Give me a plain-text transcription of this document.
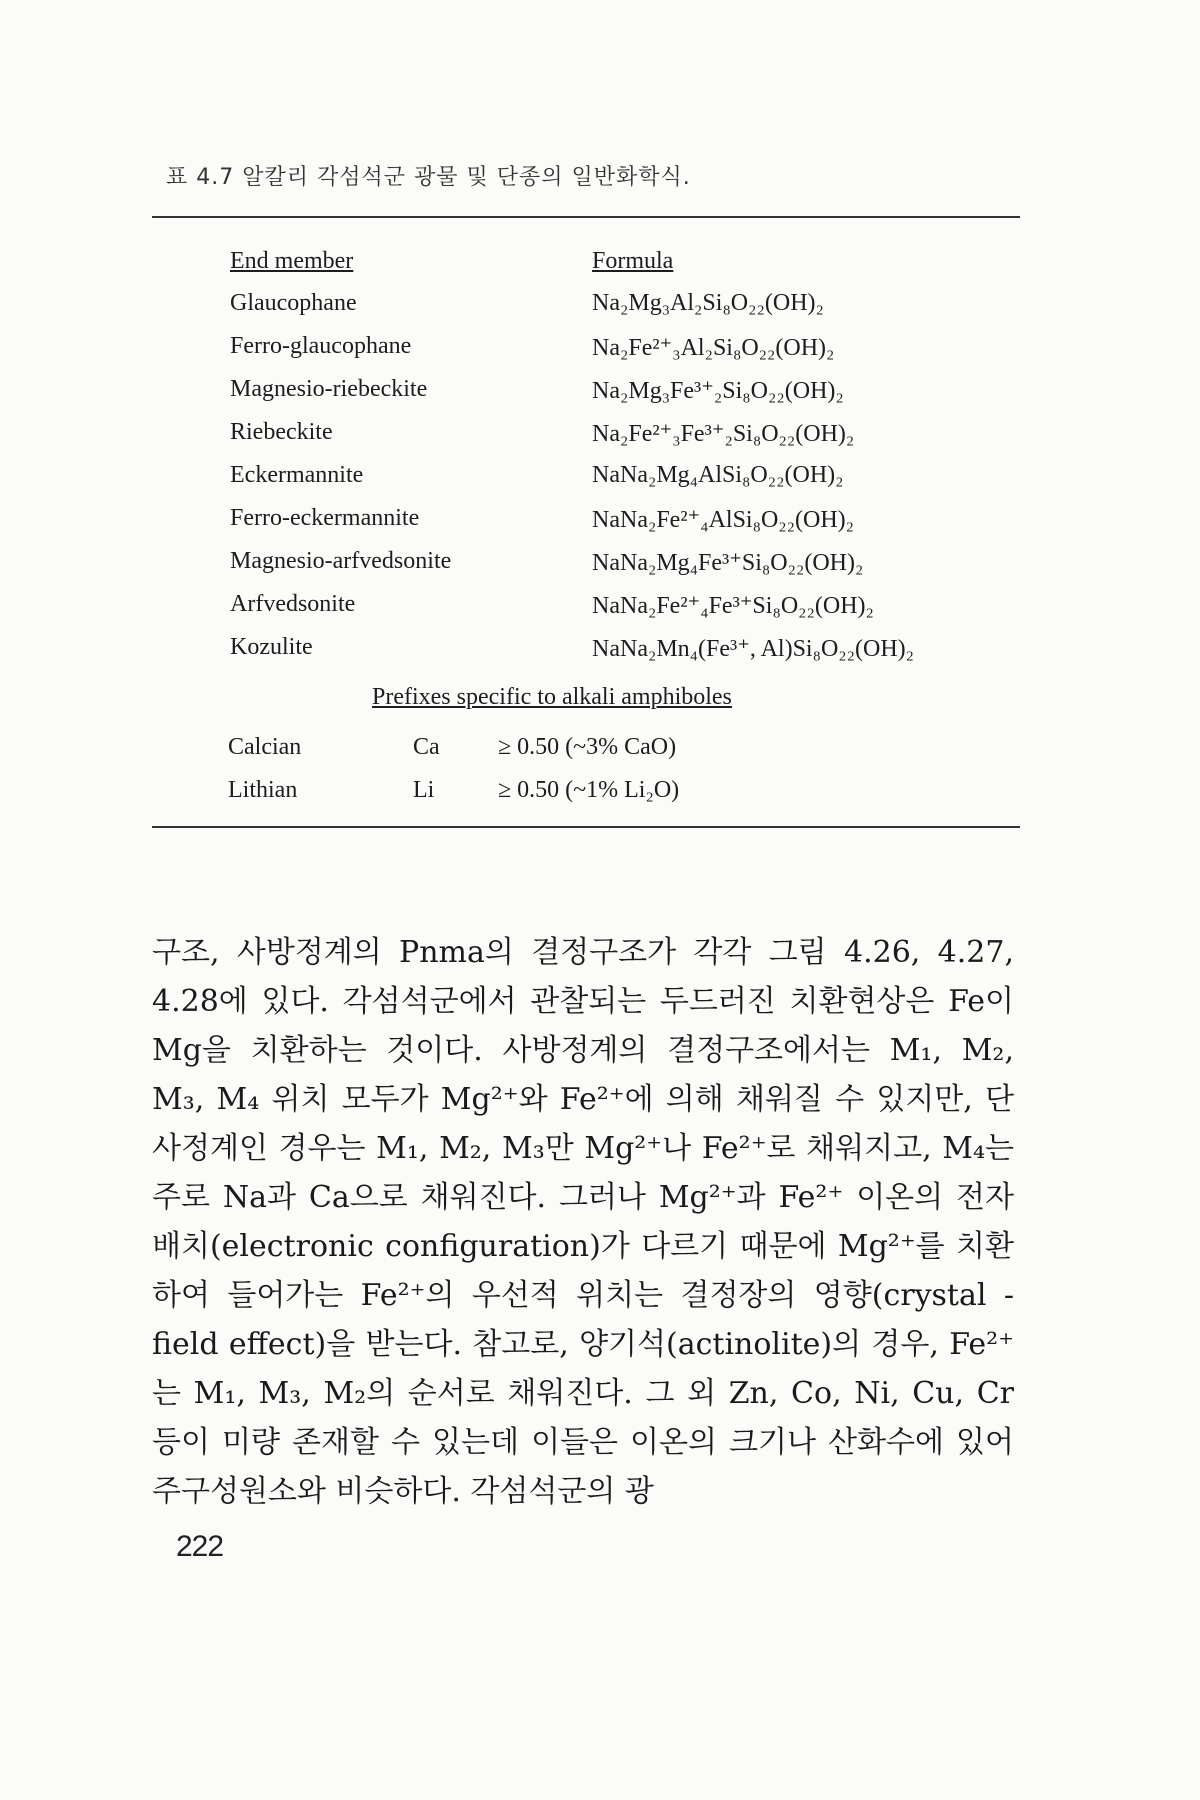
표 4.7 알칼리 각섬석군 광물 및 단종의 일반화학식.
End member	Formula
Glaucophane	Na₂Mg₃Al₂Si₈O₂₂(OH)₂
Ferro-glaucophane	Na₂Fe²⁺₃Al₂Si₈O₂₂(OH)₂
Magnesio-riebeckite	Na₂Mg₃Fe³⁺₂Si₈O₂₂(OH)₂
Riebeckite	Na₂Fe²⁺₃Fe³⁺₂Si₈O₂₂(OH)₂
Eckermannite	NaNa₂Mg₄AlSi₈O₂₂(OH)₂
Ferro-eckermannite	NaNa₂Fe²⁺₄AlSi₈O₂₂(OH)₂
Magnesio-arfvedsonite	NaNa₂Mg₄Fe³⁺Si₈O₂₂(OH)₂
Arfvedsonite	NaNa₂Fe²⁺₄Fe³⁺Si₈O₂₂(OH)₂
Kozulite	NaNa₂Mn₄(Fe³⁺, Al)Si₈O₂₂(OH)₂
Prefixes specific to alkali amphiboles
Calcian	Ca ≥ 0.50 (~3% CaO)
Lithian	Li	≥ 0.50 (~1% Li₂O)
구조, 사방정계의 Pnma의 결정구조가 각각 그림 4.26, 4.27, 4.28에 있다. 각섬석군에서 관찰되는 두드러진 치환현상은 Fe이 Mg을 치환하는 것이다. 사방정계의 결정구조에서는 M₁, M₂, M₃, M₄ 위치 모두가 Mg²⁺와 Fe²⁺에 의해 채워질 수 있지만, 단사정계인 경우는 M₁, M₂, M₃만 Mg²⁺나 Fe²⁺로 채워지고, M₄는 주로 Na과 Ca으로 채워진다. 그러나 Mg²⁺과 Fe²⁺ 이온의 전자배치(electronic configuration)가 다르기 때문에 Mg²⁺를 치환하여 들어가는 Fe²⁺의 우선적 위치는 결정장의 영향(crystal - field effect)을 받는다. 참고로, 양기석(actinolite)의 경우, Fe²⁺는 M₁, M₃, M₂의 순서로 채워진다. 그 외 Zn, Co, Ni, Cu, Cr 등이 미량 존재할 수 있는데 이들은 이온의 크기나 산화수에 있어 주구성원소와 비슷하다. 각섬석군의 광
222
